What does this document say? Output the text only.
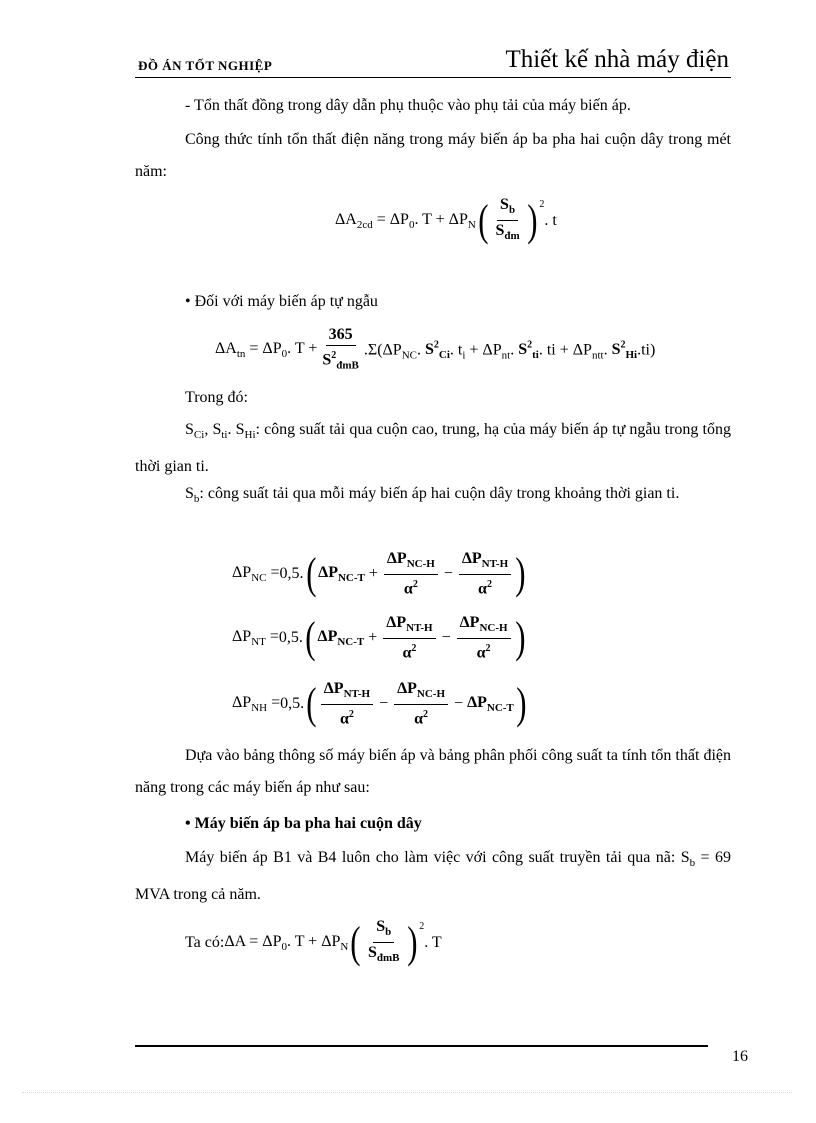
ĐỒ ÁN TỐT NGHIỆP	Thiết kế nhà máy điện
- Tổn thất đồng trong dây dẫn phụ thuộc vào phụ tải của máy biến áp.
Công thức tính tổn thất điện năng trong máy biến áp ba pha hai cuộn dây trong mét năm:
$\Delta A_{2cd} = \Delta P_0$. $T + \Delta P_N$ ( $\frac{S_b}{S_{đm}} )^2$
. t
• Đối với máy biến áp tự ngẫu
$\Delta A_{tn} = \Delta P_0$. $T + \frac{365}{S^2_{đmB}} .\Sigma(\Delta P_{NC}$. $S^2_{Ci}$. $t_i + \Delta P_{nt}$. $S^2_{ti}$. ti + $\Delta P_{ntt}$. $S^2_{Hi}.ti$)
Trong đó:
$S_{Ci}$, $S_{ti}$. $S_{Hi}$: công suất tải qua cuộn cao, trung, hạ của máy biến áp tự ngẫu trong tổng thời gian ti.
$S_b$: công suất tải qua mỗi máy biến áp hai cuộn dây trong khoảng thời gian ti.
$\Delta P_{NC} = 0,5$. ( $\Delta P_{NC-T} + \frac{\Delta P_{NC-H}}{\alpha^2} - \frac{\Delta P_{NT-H}}{\alpha^2}$ )
$\Delta P_{NT} = 0,5$. ( $\Delta P_{NC-T} + \frac{\Delta P_{NT-H}}{\alpha^2} - \frac{\Delta P_{NC-H}}{\alpha^2}$ )
$\Delta P_{NH} = 0,5$. ( $\frac{\Delta P_{NT-H}}{\alpha^2} - \frac{\Delta P_{NC-H}}{\alpha^2} - \Delta P_{NC-T}$ )
Dựa vào bảng thông số máy biến áp và bảng phân phối công suất ta tính tổn thất điện năng trong các máy biến áp như sau:
• Máy biến áp ba pha hai cuộn dây
Máy biến áp B1 và B4 luôn cho làm việc với công suất truyền tải qua nã: $S_b = 69$ MVA trong cả năm.
Ta có: $\Delta A = \Delta P_0$. $T + \Delta P_N$ ( $\frac{S_b}{S_{đmB}} )^2$
. T
16
